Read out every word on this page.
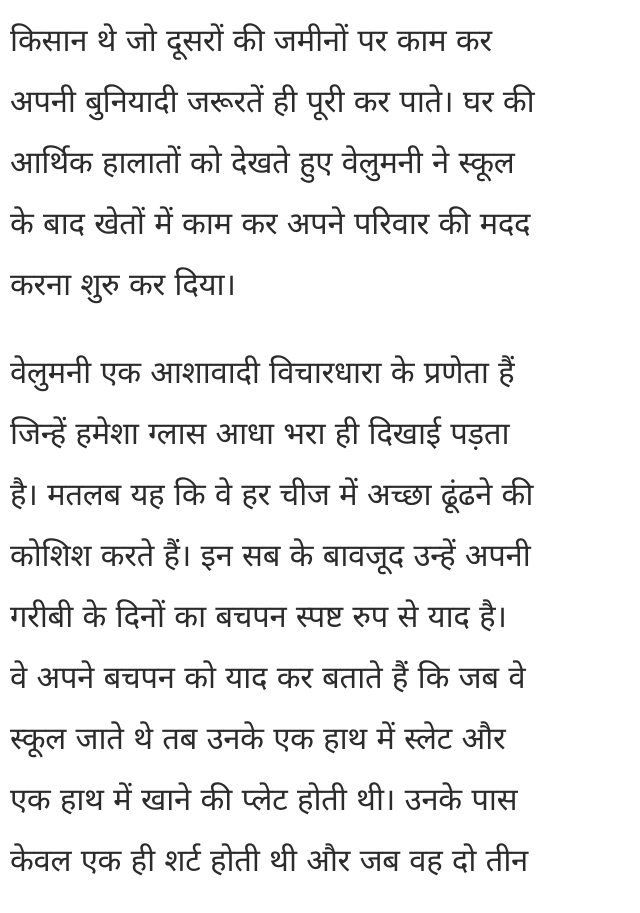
किसान थे जो दूसरों की जमीनों पर काम कर
अपनी बुनियादी जरूरतें ही पूरी कर पाते। घर की
आर्थिक हालातों को देखते हुए वेलुमनी ने स्कूल
के बाद खेतों में काम कर अपने परिवार की मदद
करना शुरु कर दिया।

वेलुमनी एक आशावादी विचारधारा के प्रणेता हैं
जिन्हें हमेशा ग्लास आधा भरा ही दिखाई पड़ता
है। मतलब यह कि वे हर चीज में अच्छा ढूंढने की
कोशिश करते हैं। इन सब के बावजूद उन्हें अपनी
गरीबी के दिनों का बचपन स्पष्ट रुप से याद है।
वे अपने बचपन को याद कर बताते हैं कि जब वे
स्कूल जाते थे तब उनके एक हाथ में स्लेट और
एक हाथ में खाने की प्लेट होती थी। उनके पास
केवल एक ही शर्ट होती थी और जब वह दो तीन
